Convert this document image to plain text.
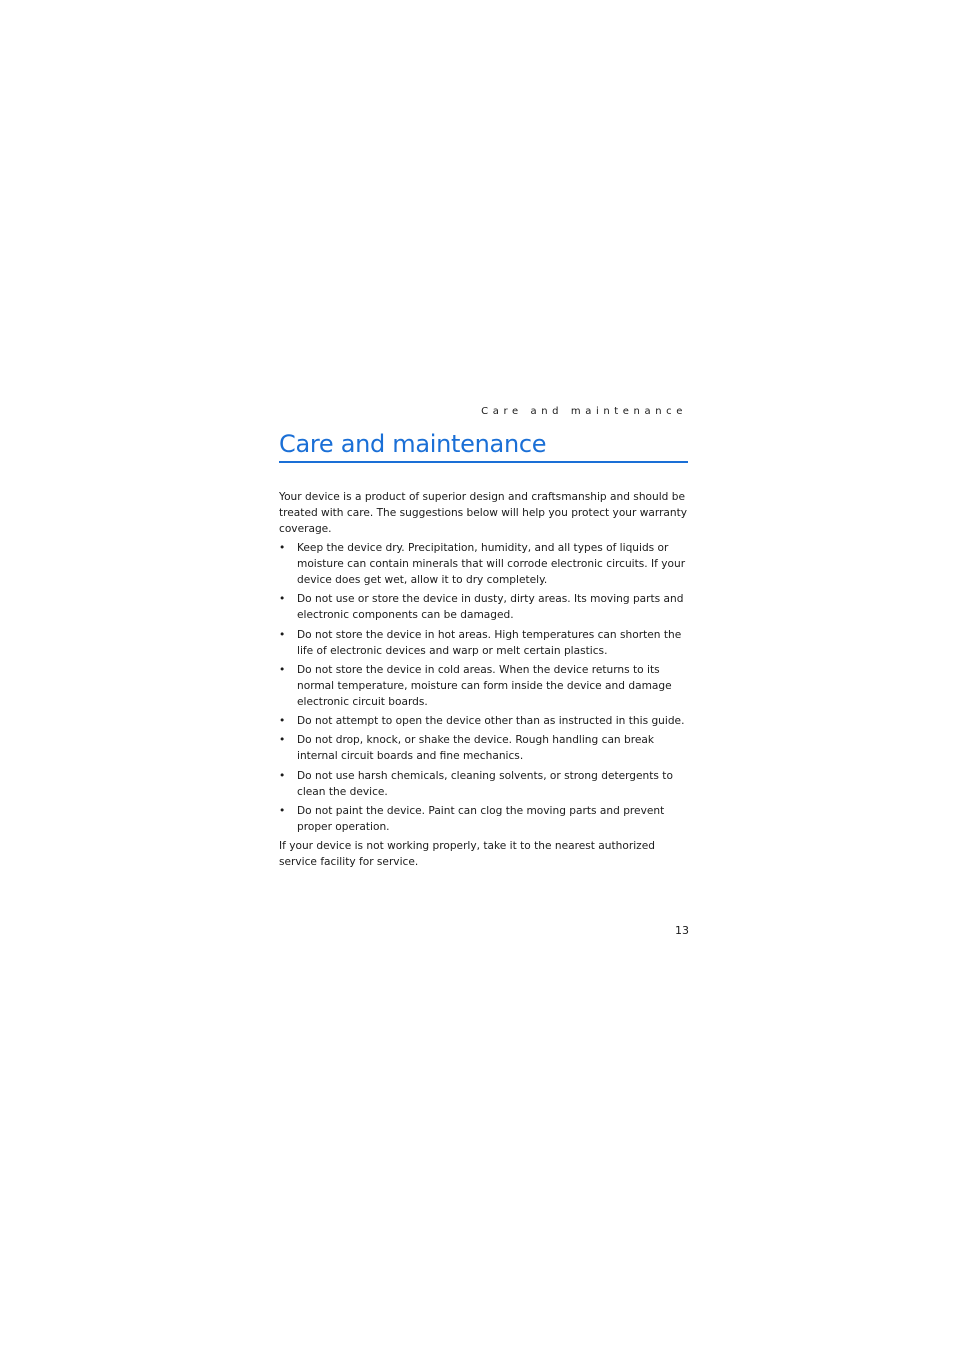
Care and maintenance
Care and maintenance

Your device is a product of superior design and craftsmanship and should be treated with care. The suggestions below will help you protect your warranty coverage.

• Keep the device dry. Precipitation, humidity, and all types of liquids or moisture can contain minerals that will corrode electronic circuits. If your device does get wet, allow it to dry completely.
• Do not use or store the device in dusty, dirty areas. Its moving parts and electronic components can be damaged.
• Do not store the device in hot areas. High temperatures can shorten the life of electronic devices and warp or melt certain plastics.
• Do not store the device in cold areas. When the device returns to its normal temperature, moisture can form inside the device and damage electronic circuit boards.
• Do not attempt to open the device other than as instructed in this guide.
• Do not drop, knock, or shake the device. Rough handling can break internal circuit boards and fine mechanics.
• Do not use harsh chemicals, cleaning solvents, or strong detergents to clean the device.
• Do not paint the device. Paint can clog the moving parts and prevent proper operation.

If your device is not working properly, take it to the nearest authorized service facility for service.

13
